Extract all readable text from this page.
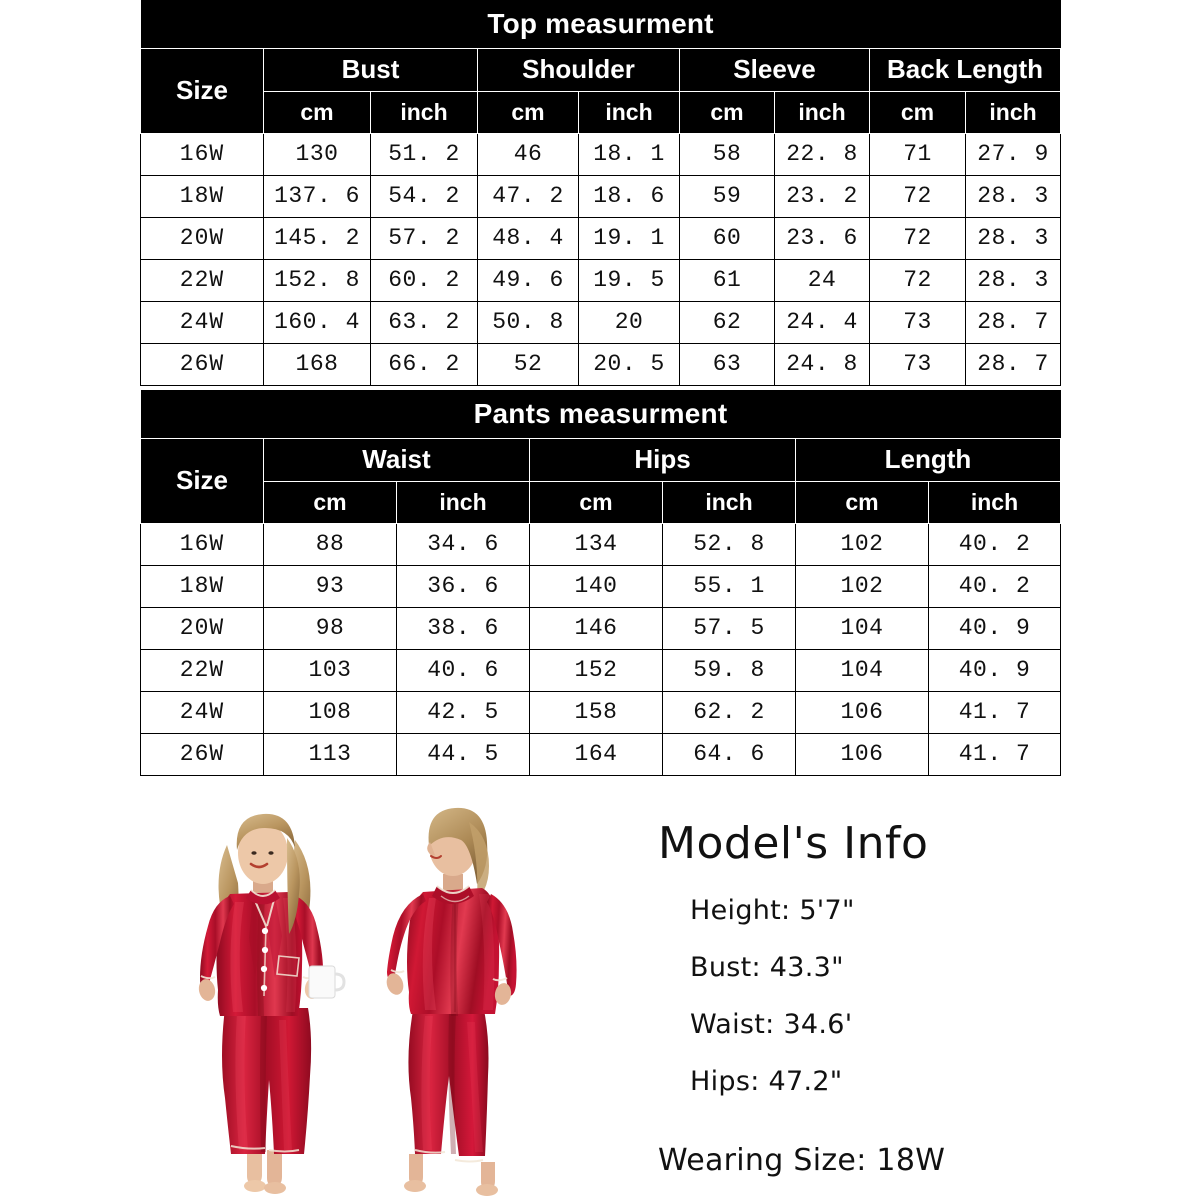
Top measurment								
Size	Bust		Shoulder		Sleeve		Back Length	
	cm	inch	cm	inch	cm	inch	cm	inch
16W	130	51. 2	46	18. 1	58	22. 8	71	27. 9
18W	137. 6	54. 2	47. 2	18. 6	59	23. 2	72	28. 3
20W	145. 2	57. 2	48. 4	19. 1	60	23. 6	72	28. 3
22W	152. 8	60. 2	49. 6	19. 5	61	24	72	28. 3
24W	160. 4	63. 2	50. 8	20	62	24. 4	73	28. 7
26W	168	66. 2	52	20. 5	63	24. 8	73	28. 7
Pants measurment						
Size	Waist		Hips		Length	
	cm	inch	cm	inch	cm	inch
16W	88	34. 6	134	52. 8	102	40. 2
18W	93	36. 6	140	55. 1	102	40. 2
20W	98	38. 6	146	57. 5	104	40. 9
22W	103	40. 6	152	59. 8	104	40. 9
24W	108	42. 5	158	62. 2	106	41. 7
26W	113	44. 5	164	64. 6	106	41. 7
Model's Info
Height: 5'7"
Bust: 43.3"
Waist: 34.6'
Hips: 47.2"
Wearing Size: 18W
